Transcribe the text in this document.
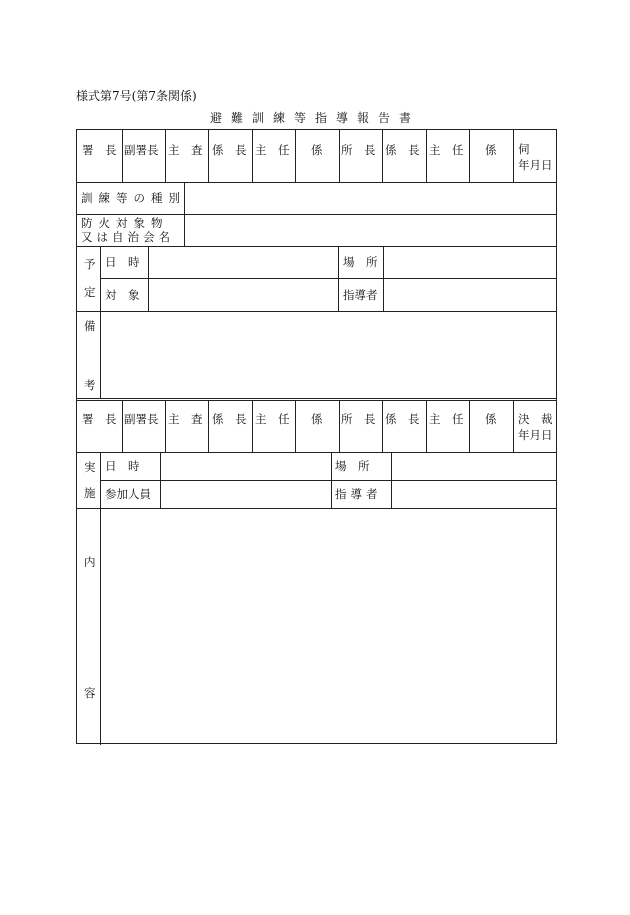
様式第7号(第7条関係)
避難訓練等指導報告書
署　長 副署長 主　査 係　長 主　任 係 所　長 係　長 主　任 係 伺
年月日
訓練等の種別
防火対象物
又は自治会名
予
定
日　時	場　所
対　象	指導者
備
考
署　長 副署長 主　査 係　長 主　任 係 所　長 係　長 主　任 係 決　裁
年月日
実
施
日　時	場　所
参加人員	指導者
内
容
